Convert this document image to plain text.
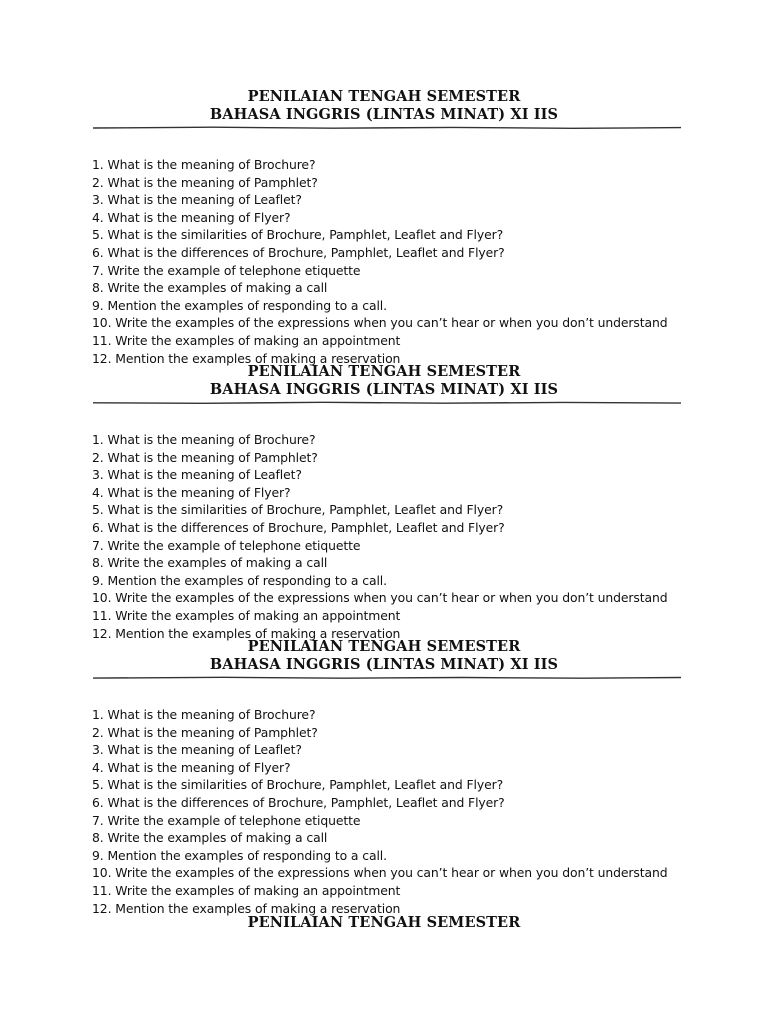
PENILAIAN TENGAH SEMESTER
BAHASA INGGRIS (LINTAS MINAT) XI IIS
1. What is the meaning of Brochure?
2. What is the meaning of Pamphlet?
3. What is the meaning of Leaflet?
4. What is the meaning of Flyer?
5. What is the similarities of Brochure, Pamphlet, Leaflet and Flyer?
6. What is the differences of Brochure, Pamphlet, Leaflet and Flyer?
7. Write the example of telephone etiquette
8. Write the examples of making a call
9. Mention the examples of responding to a call.
10. Write the examples of the expressions when you can’t hear or when you don’t understand
11. Write the examples of making an appointment
12. Mention the examples of making a reservation
PENILAIAN TENGAH SEMESTER
BAHASA INGGRIS (LINTAS MINAT) XI IIS
1. What is the meaning of Brochure?
2. What is the meaning of Pamphlet?
3. What is the meaning of Leaflet?
4. What is the meaning of Flyer?
5. What is the similarities of Brochure, Pamphlet, Leaflet and Flyer?
6. What is the differences of Brochure, Pamphlet, Leaflet and Flyer?
7. Write the example of telephone etiquette
8. Write the examples of making a call
9. Mention the examples of responding to a call.
10. Write the examples of the expressions when you can’t hear or when you don’t understand
11. Write the examples of making an appointment
12. Mention the examples of making a reservation
PENILAIAN TENGAH SEMESTER
BAHASA INGGRIS (LINTAS MINAT) XI IIS
1. What is the meaning of Brochure?
2. What is the meaning of Pamphlet?
3. What is the meaning of Leaflet?
4. What is the meaning of Flyer?
5. What is the similarities of Brochure, Pamphlet, Leaflet and Flyer?
6. What is the differences of Brochure, Pamphlet, Leaflet and Flyer?
7. Write the example of telephone etiquette
8. Write the examples of making a call
9. Mention the examples of responding to a call.
10. Write the examples of the expressions when you can’t hear or when you don’t understand
11. Write the examples of making an appointment
12. Mention the examples of making a reservation
PENILAIAN TENGAH SEMESTER
